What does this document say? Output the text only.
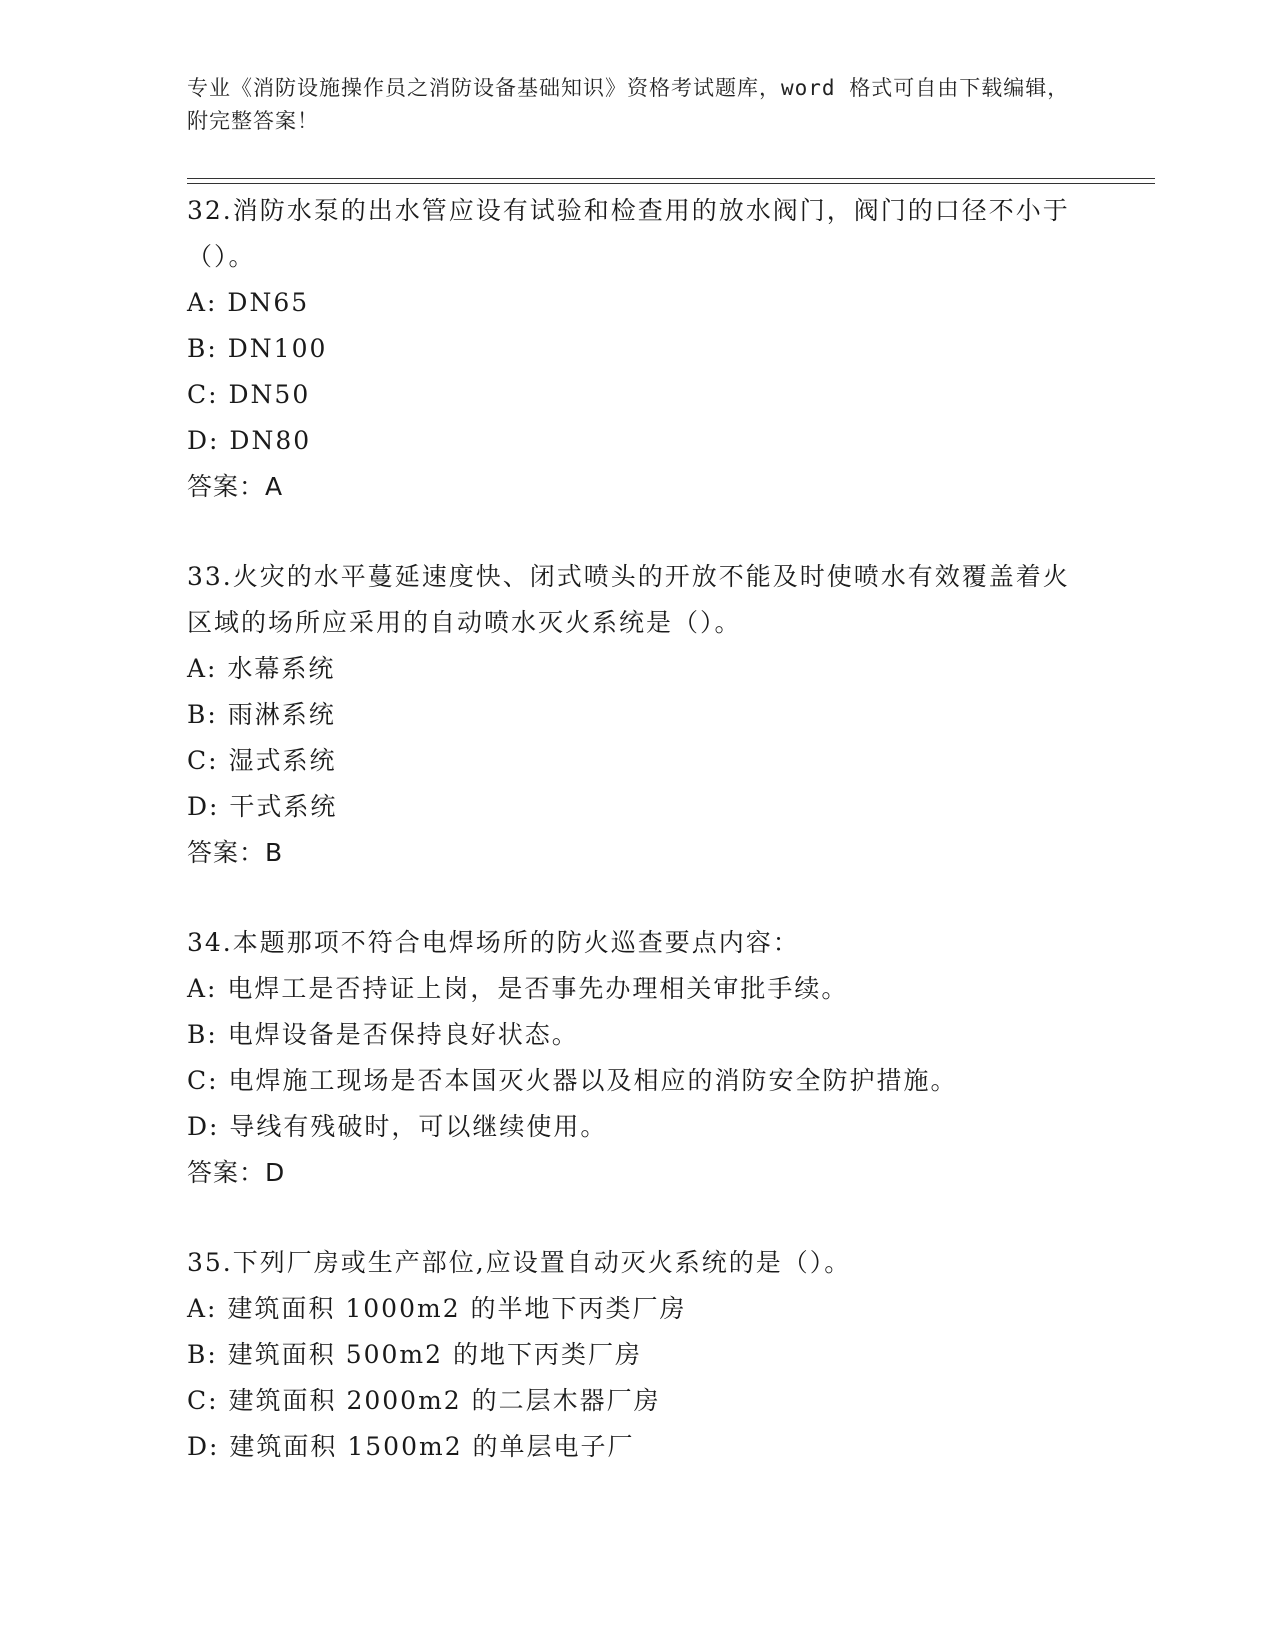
专业《消防设施操作员之消防设备基础知识》资格考试题库，word 格式可自由下载编辑，附完整答案！

32.消防水泵的出水管应设有试验和检查用的放水阀门，阀门的口径不小于（）。

A: DN65

B: DN100

C: DN50

D: DN80

答案：A

33.火灾的水平蔓延速度快、闭式喷头的开放不能及时使喷水有效覆盖着火区域的场所应采用的自动喷水灭火系统是（）。

A: 水幕系统

B: 雨淋系统

C: 湿式系统

D: 干式系统

答案：B

34.本题那项不符合电焊场所的防火巡查要点内容：

A: 电焊工是否持证上岗，是否事先办理相关审批手续。

B: 电焊设备是否保持良好状态。

C: 电焊施工现场是否本国灭火器以及相应的消防安全防护措施。

D: 导线有残破时，可以继续使用。

答案：D

35.下列厂房或生产部位,应设置自动灭火系统的是（）。

A: 建筑面积 1000m2 的半地下丙类厂房

B: 建筑面积 500m2 的地下丙类厂房

C: 建筑面积 2000m2 的二层木器厂房

D: 建筑面积 1500m2 的单层电子厂
